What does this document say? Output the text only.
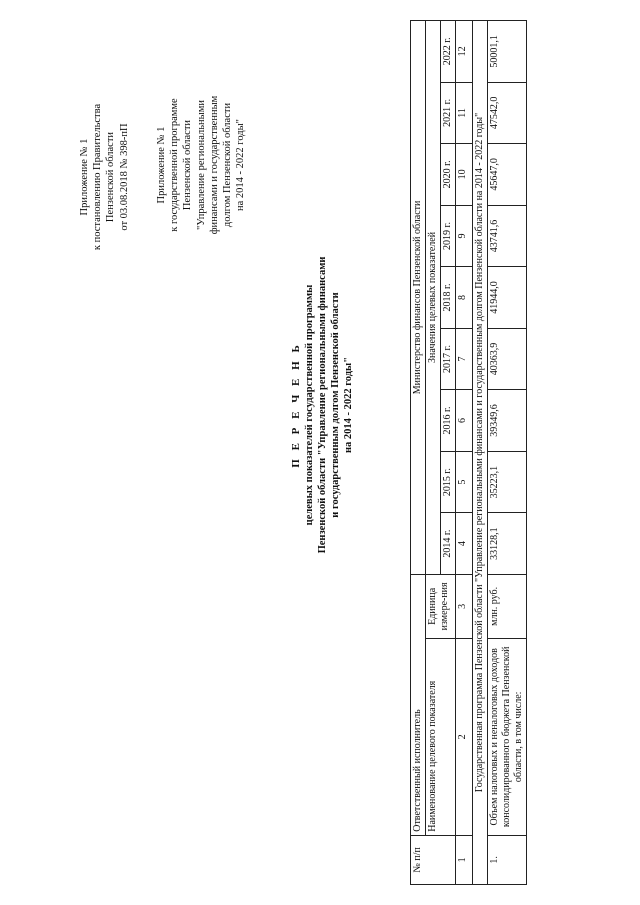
Приложение № 1 к постановлению Правительства Пензенской области от 03.08.2018 № 398-пП	Приложение № 1 к государственной программе Пензенской области "Управление региональными финансами и государственным долгом Пензенской области на 2014 - 2022 годы"
П Е Р Е Ч Е Н Ь целевых показателей государственной программы Пензенской области "Управление региональными финансами и государственным долгом Пензенской области на 2014 - 2022 годы"
№ п/п	Ответственный исполнитель		Министерство финансов Пензенской области								
	Наименование целевого показателя	Единица измере-ния	Значения целевых показателей								
			2014 г.	2015 г.	2016 г.	2017 г.	2018 г.	2019 г.	2020 г.	2021 г.	2022 г.
1	2	3	4	5	6	7	8	9	10	11	12
Государственная программа Пензенской области "Управление региональными финансами и государственным долгом Пензенской области на 2014 - 2022 годы"											
1.	Объем налоговых и неналоговых доходов консолидированного бюджета Пензенской области, в том числе:	млн. руб.	33128,1	35223,1	39349,6	40363,9	41944,0	43741,6	45647,0	47542,0	50001,1
